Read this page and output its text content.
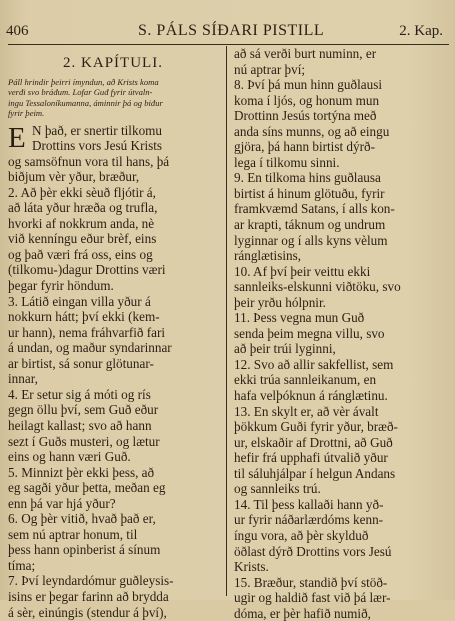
406	S. PÁLS SÍĐARI PISTILL	2. Kap.
2. KAPÍTULI.
Páll hrindir þeirri ímyndun, að Krists koma
verđi svo bráđum. Lofar Guđ fyrir útvaln-
ingu Tessaloníkumanna, áminnir þá og biđur
fyrir þeim.
E N það, er snertir tilkomu
Drottins vors Jesú Krists
og samsöfnun vora til hans, þá
biðjum vèr yður, bræður,
2. Að þèr ekki sèuð fljótir á,
að láta yður hræða og trufla,
hvorki af nokkrum anda, nè
við kenníngu eður brèf, eins
og það væri frá oss, eins og
(tilkomu-)dagur Drottins væri
þegar fyrir höndum.
3. Látið eingan villa yður á
nokkurn hátt; því ekki (kem-
ur hann), nema fráhvarfið fari
á undan, og maður syndarinnar
ar birtist, sá sonur glötunar-
innar,
4. Er setur sig á móti og rís
gegn öllu því, sem Guð eður
heilagt kallast; svo að hann
sezt í Guðs musteri, og lætur
eins og hann væri Guð.
5. Minnizt þèr ekki þess, að
eg sagði yður þetta, meðan eg
enn þá var hjá yður?
6. Og þèr vitið, hvað það er,
sem nú aptrar honum, til
þess hann opinberist á sínum
tíma;
7. Því leyndardómur guðleysis-
isins er þegar farinn að brydda
á sèr, einúngis (stendur á því),
að sá verði burt numinn, er
nú aptrar því;
8. Því þá mun hinn guðlausi
koma í ljós, og honum mun
Drottinn Jesús tortýna með
anda síns munns, og að eingu
gjöra, þá hann birtist dýrð-
legа í tilkomu sinni.
9. En tilkoma hins guðlausa
birtist á hinum glötuðu, fyrir
framkvæmd Satans, í alls kon-
ar krapti, táknum og undrum
lyginnar og í alls kyns vèlum
ránglætisins,
10. Af því þeir veittu ekki
sannleiks-elskunni viðtöku, svo
þeir yrðu hólpnir.
11. Þess vegna mun Guð
senda þeim megna villu, svo
að þeir trúi lyginni,
12. Svo að allir sakfellist, sem
ekki trúa sannleikanum, en
hafa velþóknun á ránglætinu.
13. En skylt er, að vèr ávalt
þökkum Guði fyrir yður, bræð-
ur, elskaðir af Drottni, að Guð
hefir frá upphafi útvalið yður
til sáluhjálpar í helgun Andans
og sannleiks trú.
14. Til þess kallaði hann yð-
ur fyrir náðarlærdóms kenn-
íngu vora, að þèr skylduð
öðlast dýrð Drottins vors Jesú
Krists.
15. Bræður, standið því stöð-
ugir og haldið fast við þá lær-
dóma, er þèr hafið numið,
